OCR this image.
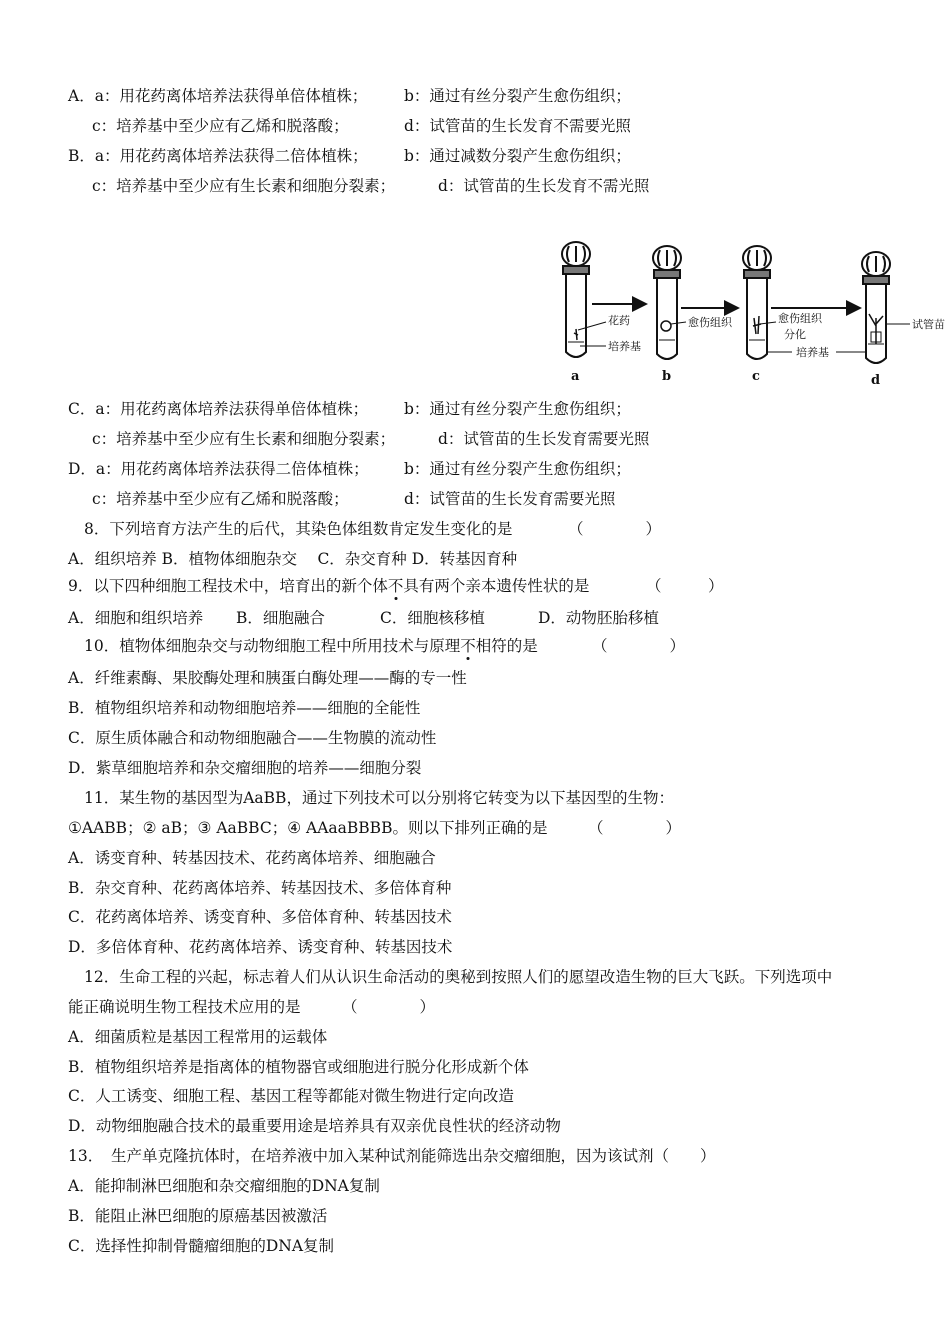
A．a：用花药离体培养法获得单倍体植株； b：通过有丝分裂产生愈伤组织；
c：培养基中至少应有乙烯和脱落酸；	d：试管苗的生长发育不需要光照
B．a：用花药离体培养法获得二倍体植株； b：通过减数分裂产生愈伤组织；
c：培养基中至少应有生长素和细胞分裂素；	d：试管苗的生长发育不需光照
花药
培养基
愈伤组织	愈伤组织
分化
培养基
试管苗
a	b	c	d
C．a：用花药离体培养法获得单倍体植株； b：通过有丝分裂产生愈伤组织；
c：培养基中至少应有生长素和细胞分裂素；	d：试管苗的生长发育需要光照
D．a：用花药离体培养法获得二倍体植株； b：通过有丝分裂产生愈伤组织；
c：培养基中至少应有乙烯和脱落酸；	d：试管苗的生长发育需要光照
8．下列培育方法产生的后代，其染色体组数肯定发生变化的是	（　　　　）
A．组织培养 B．植物体细胞杂交　 C．杂交育种 D．转基因育种
9．以下四种细胞工程技术中，培育出的新个体不具有两个亲本遗传性状的是	（　　　）
A．细胞和组织培养 B．细胞融合	C．细胞核移植	D．动物胚胎移植
10．植物体细胞杂交与动物细胞工程中所用技术与原理不相符的是	（　　　　）
A．纤维素酶、果胶酶处理和胰蛋白酶处理——酶的专一性
B．植物组织培养和动物细胞培养——细胞的全能性
C．原生质体融合和动物细胞融合——生物膜的流动性
D．紫草细胞培养和杂交瘤细胞的培养——细胞分裂
11．某生物的基因型为AaBB，通过下列技术可以分别将它转变为以下基因型的生物：
①AABB；② aB；③ AaBBC；④ AAaaBBBB。则以下排列正确的是	（　　　　）
A．诱变育种、转基因技术、花药离体培养、细胞融合
B．杂交育种、花药离体培养、转基因技术、多倍体育种
C．花药离体培养、诱变育种、多倍体育种、转基因技术
D．多倍体育种、花药离体培养、诱变育种、转基因技术
12．生命工程的兴起，标志着人们从认识生命活动的奥秘到按照人们的愿望改造生物的巨大飞跃。下列选项中
能正确说明生物工程技术应用的是	（　　　　）
A．细菌质粒是基因工程常用的运载体
B．植物组织培养是指离体的植物器官或细胞进行脱分化形成新个体
C．人工诱变、细胞工程、基因工程等都能对微生物进行定向改造
D．动物细胞融合技术的最重要用途是培养具有双亲优良性状的经济动物
13．　生产单克隆抗体时，在培养液中加入某种试剂能筛选出杂交瘤细胞，因为该试剂（　　）
A．能抑制淋巴细胞和杂交瘤细胞的DNA复制
B．能阻止淋巴细胞的原癌基因被激活
C．选择性抑制骨髓瘤细胞的DNA复制
